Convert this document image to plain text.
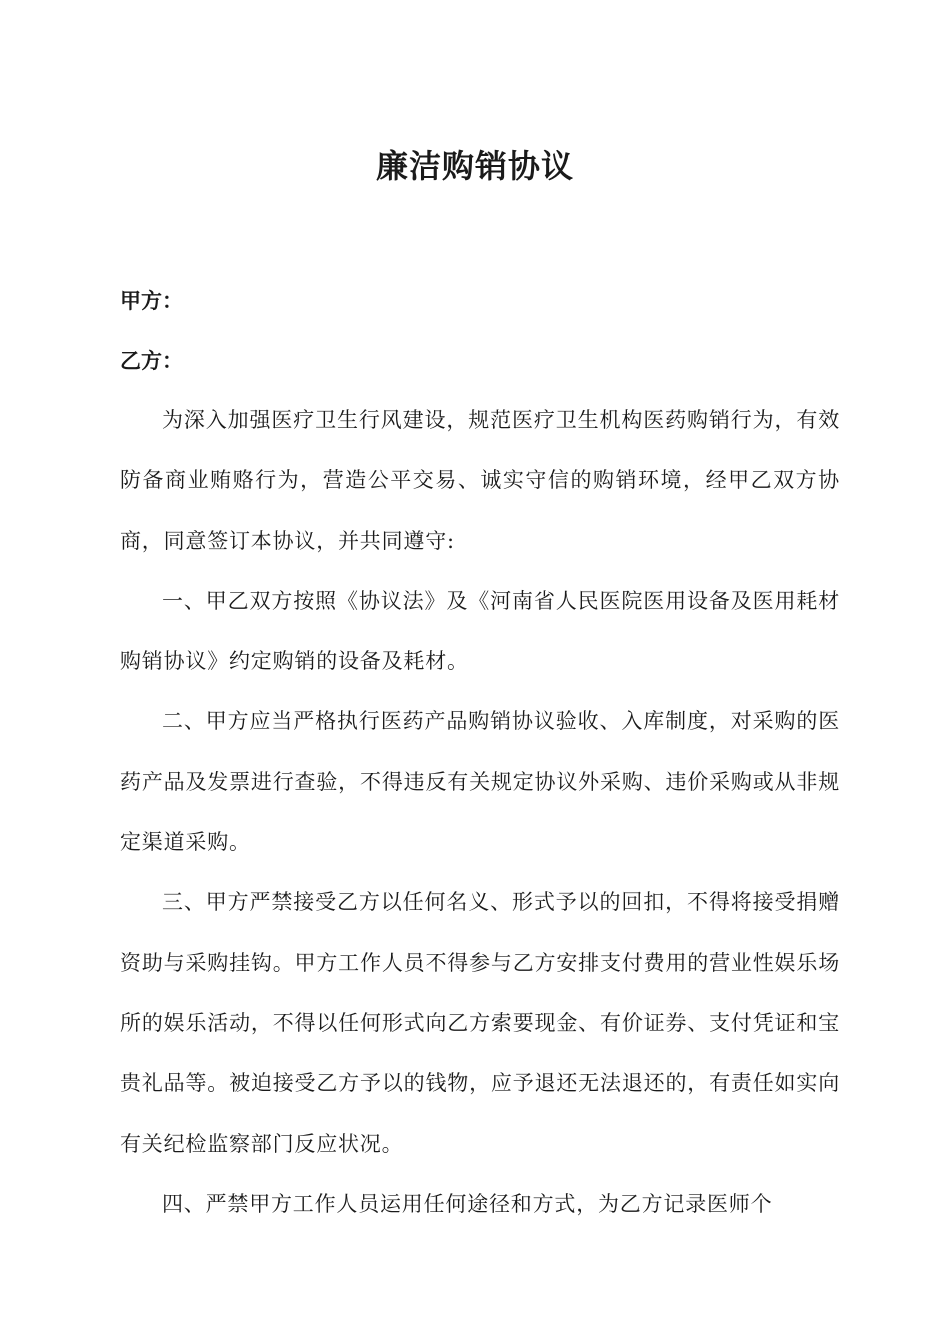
廉洁购销协议
甲方：
乙方：

为深入加强医疗卫生行风建设，规范医疗卫生机构医药购销行为，有效防备商业贿赂行为，营造公平交易、诚实守信的购销环境，经甲乙双方协商，同意签订本协议，并共同遵守:

一、甲乙双方按照《协议法》及《河南省人民医院医用设备及医用耗材购销协议》约定购销的设备及耗材。

二、甲方应当严格执行医药产品购销协议验收、入库制度，对采购的医药产品及发票进行查验，不得违反有关规定协议外采购、违价采购或从非规定渠道采购。

三、甲方严禁接受乙方以任何名义、形式予以的回扣，不得将接受捐赠资助与采购挂钩。甲方工作人员不得参与乙方安排支付费用的营业性娱乐场所的娱乐活动，不得以任何形式向乙方索要现金、有价证券、支付凭证和宝贵礼品等。被迫接受乙方予以的钱物，应予退还无法退还的，有责任如实向有关纪检监察部门反应状况。

四、严禁甲方工作人员运用任何途径和方式，为乙方记录医师个
